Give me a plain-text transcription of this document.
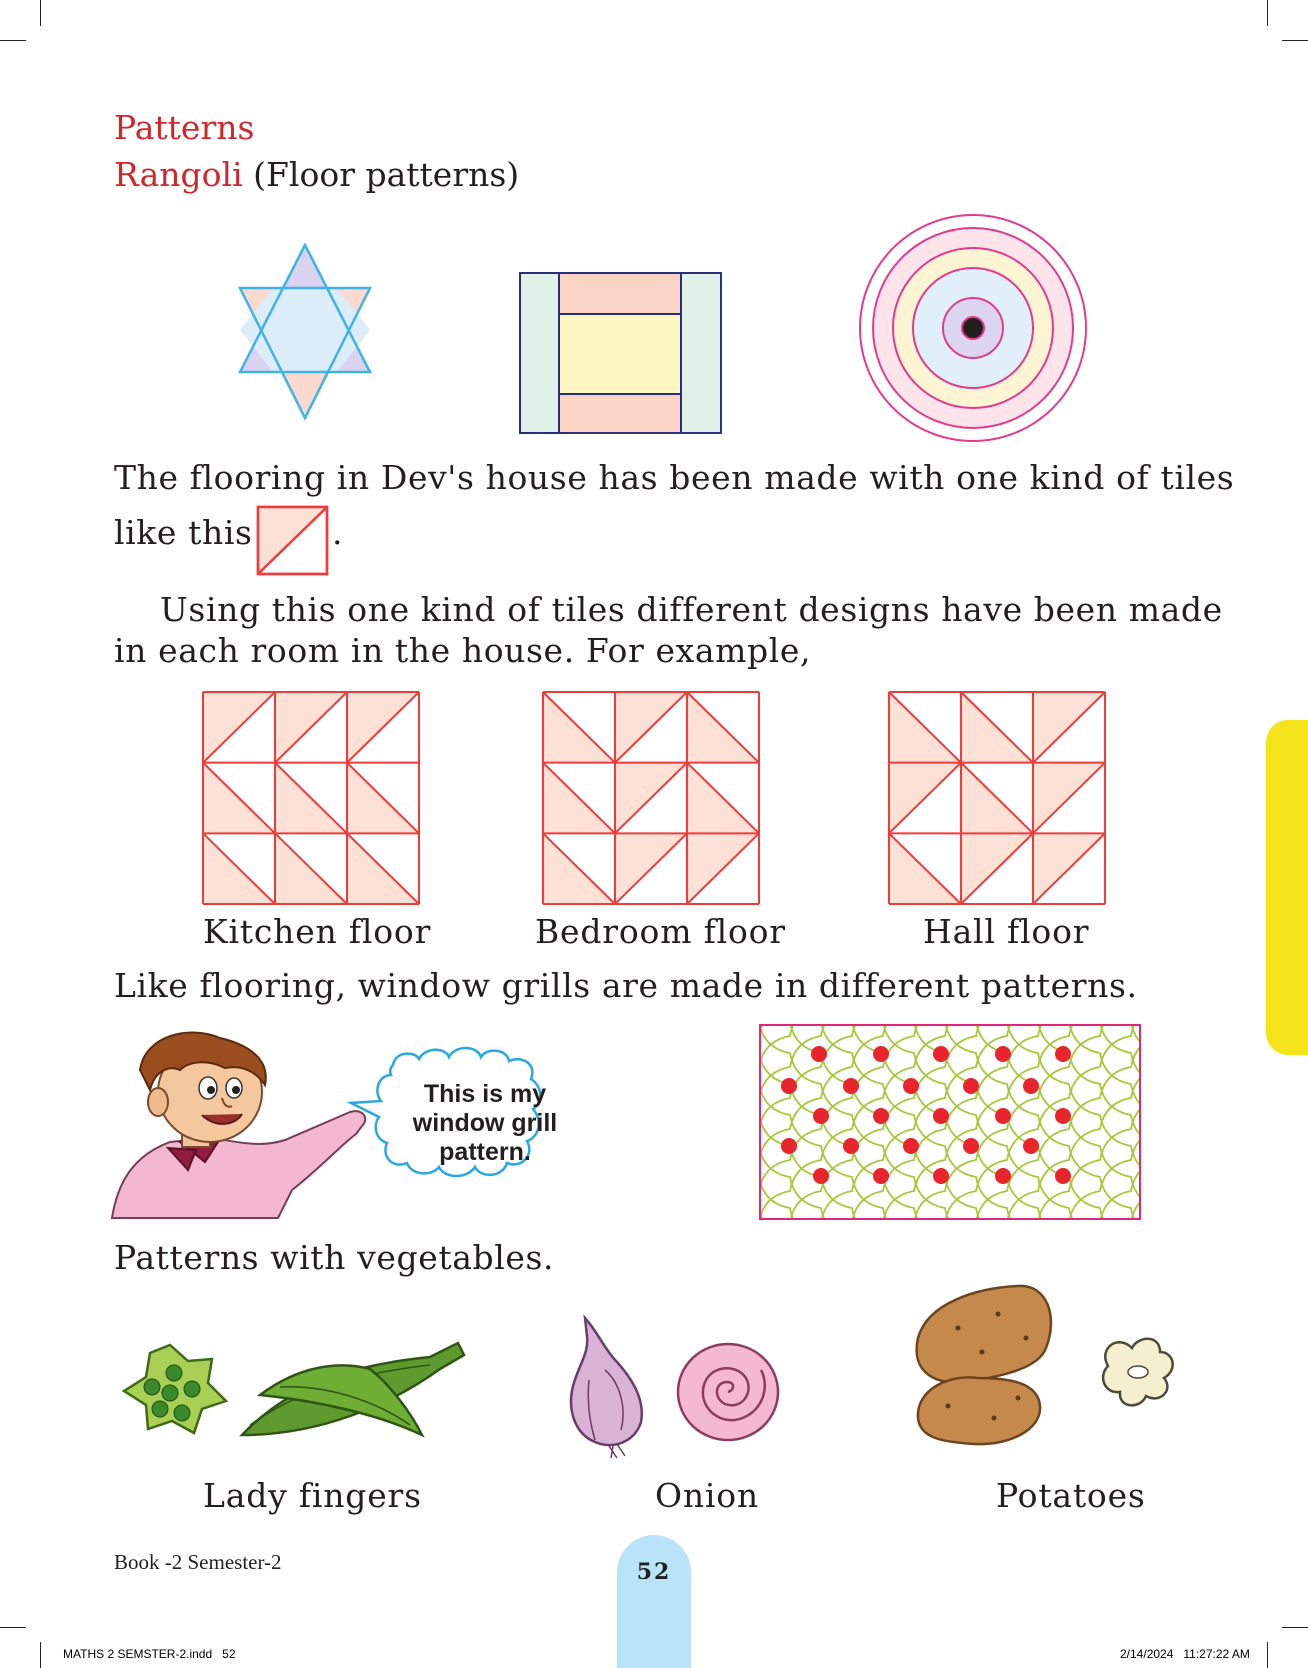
Patterns
Rangoli (Floor patterns)
The flooring in Dev's house has been made with one kind of tiles
like this .
Using this one kind of tiles different designs have been made
in each room in the house. For example,
Kitchen floor	Bedroom floor	Hall floor
Like flooring, window grills are made in different patterns.
This is my
window grill
pattern.
Patterns with vegetables.
Lady fingers	Onion	Potatoes
Book -2 Semester-2	52
MATHS 2 SEMSTER-2.indd   52	2/14/2024   11:27:22 AM
